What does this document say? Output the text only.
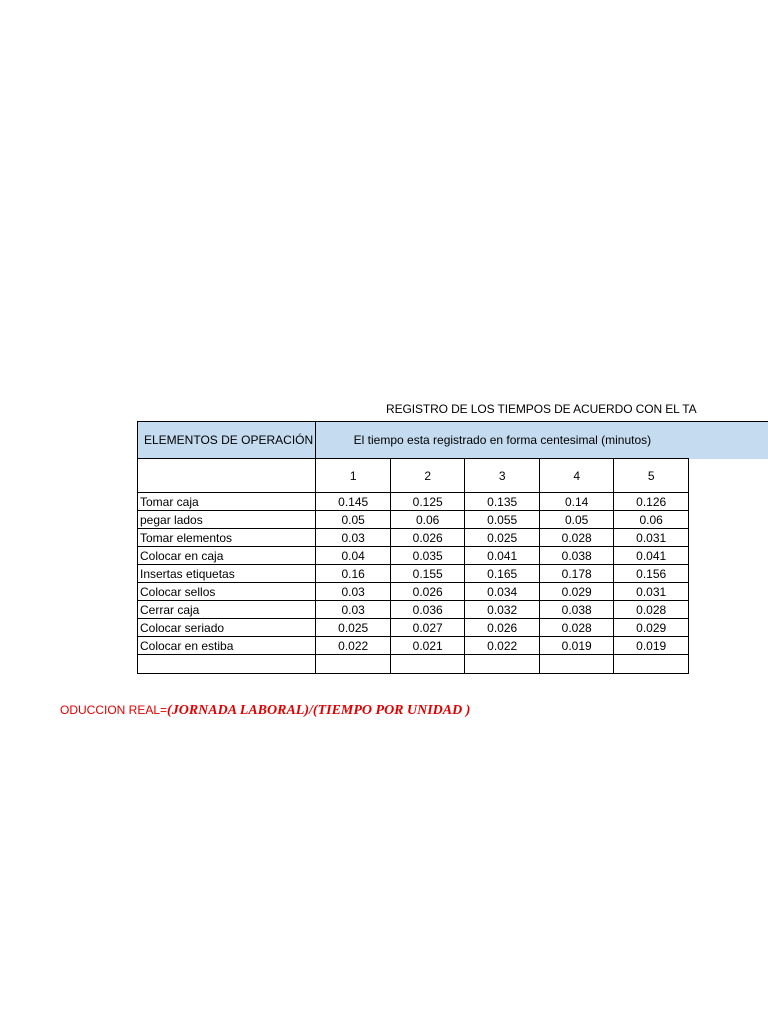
REGISTRO DE LOS TIEMPOS DE ACUERDO CON EL TA
ELEMENTOS DE OPERACIÓN	El tiempo esta registrado en forma centesimal (minutos)				
	1	2	3	4	5
Tomar caja	0.145	0.125	0.135	0.14	0.126
pegar lados	0.05	0.06	0.055	0.05	0.06
Tomar elementos	0.03	0.026	0.025	0.028	0.031
Colocar en caja	0.04	0.035	0.041	0.038	0.041
Insertas etiquetas	0.16	0.155	0.165	0.178	0.156
Colocar sellos	0.03	0.026	0.034	0.029	0.031
Cerrar caja	0.03	0.036	0.032	0.038	0.028
Colocar seriado	0.025	0.027	0.026	0.028	0.029
Colocar en estiba	0.022	0.021	0.022	0.019	0.019

ODUCCION REAL=(JORNADA LABORAL)/(TIEMPO POR UNIDAD )
